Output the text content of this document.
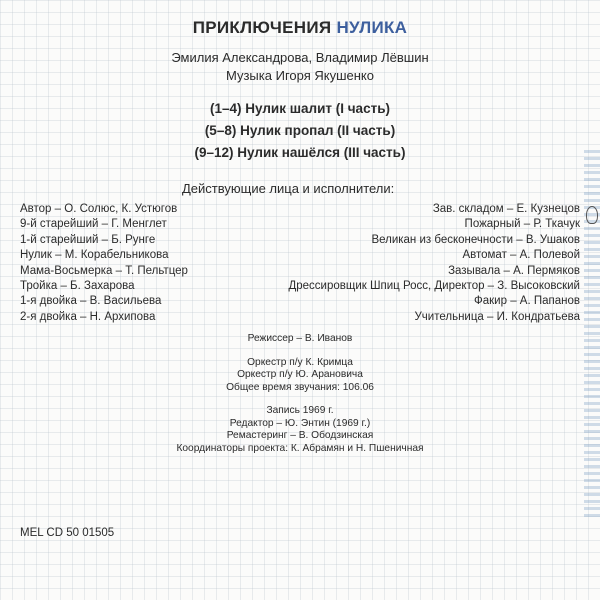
ПРИКЛЮЧЕНИЯ НУЛИКА
Эмилия Александрова, Владимир Лёвшин
Музыка Игоря Якушенко
(1–4) Нулик шалит (I часть)
(5–8) Нулик пропал (II часть)
(9–12) Нулик нашёлся (III часть)
Действующие лица и исполнители:
Автор – О. Солюс, К. Устюгов
9-й старейший – Г. Менглет
1-й старейший – Б. Рунге
Нулик – М. Корабельникова
Мама-Восьмерка – Т. Пельтцер
Тройка – Б. Захарова
1-я двойка – В. Васильева
2-я двойка – Н. Архипова
Зав. складом – Е. Кузнецов
Пожарный – Р. Ткачук
Великан из бесконечности – В. Ушаков
Автомат – А. Полевой
Зазывала – А. Пермяков
Дрессировщик Шпиц Росс, Директор – З. Высоковский
Факир – А. Папанов
Учительница – И. Кондратьева
Режиссер – В. Иванов
Оркестр п/у К. Кримца
Оркестр п/у Ю. Арановича
Общее время звучания: 106.06
Запись 1969 г.
Редактор – Ю. Энтин (1969 г.)
Ремастеринг – В. Ободзинская
Координаторы проекта: К. Абрамян и Н. Пшеничная
MEL CD 50 01505
